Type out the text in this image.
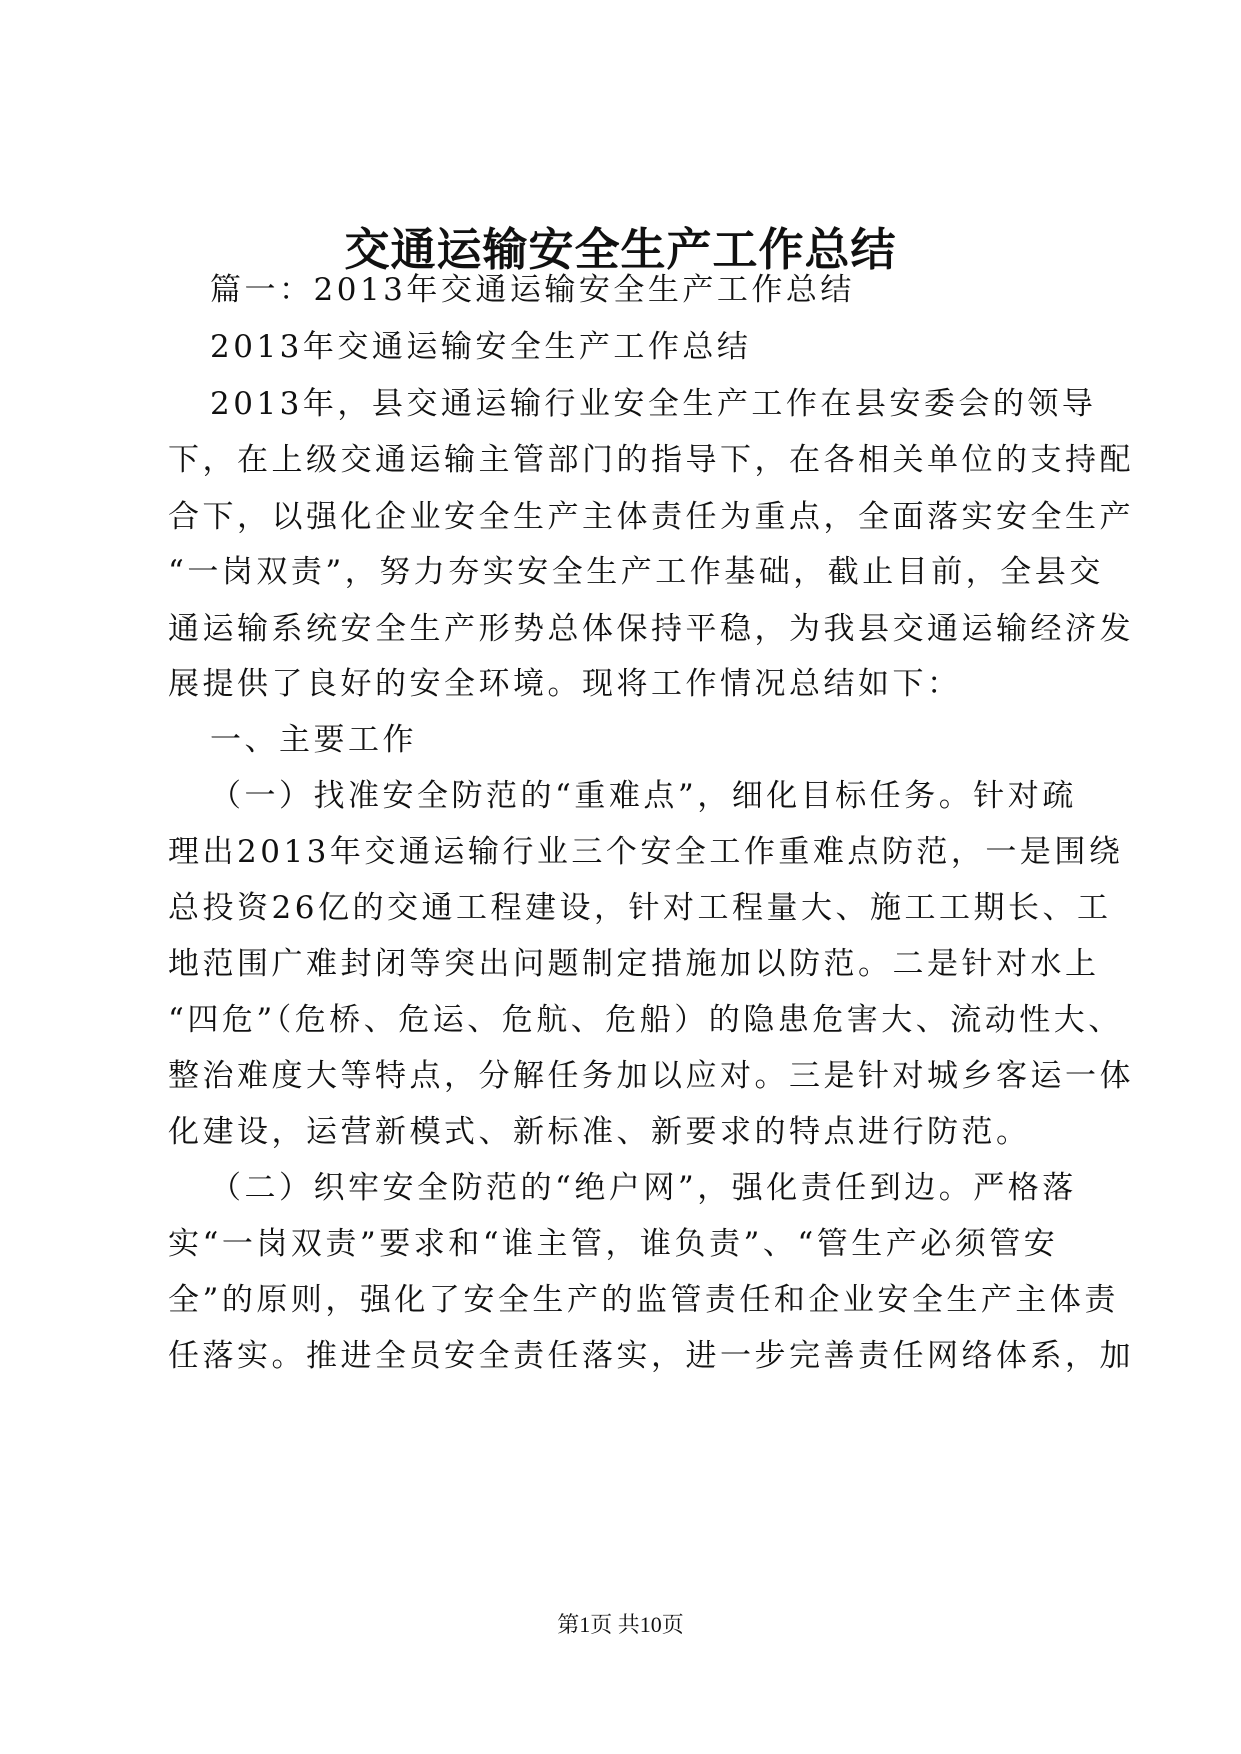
交通运输安全生产工作总结
篇一：2013年交通运输安全生产工作总结
2013年交通运输安全生产工作总结
2013年，县交通运输行业安全生产工作在县安委会的领导
下，在上级交通运输主管部门的指导下，在各相关单位的支持配
合下，以强化企业安全生产主体责任为重点，全面落实安全生产
“一岗双责”，努力夯实安全生产工作基础，截止目前，全县交
通运输系统安全生产形势总体保持平稳，为我县交通运输经济发
展提供了良好的安全环境。现将工作情况总结如下：
一、主要工作
（一）找准安全防范的“重难点”，细化目标任务。针对疏
理出2013年交通运输行业三个安全工作重难点防范，一是围绕
总投资26亿的交通工程建设，针对工程量大、施工工期长、工
地范围广难封闭等突出问题制定措施加以防范。二是针对水上
“四危”（危桥、危运、危航、危船）的隐患危害大、流动性大、
整治难度大等特点，分解任务加以应对。三是针对城乡客运一体
化建设，运营新模式、新标准、新要求的特点进行防范。
（二）织牢安全防范的“绝户网”，强化责任到边。严格落
实“一岗双责”要求和“谁主管，谁负责”、“管生产必须管安
全”的原则，强化了安全生产的监管责任和企业安全生产主体责
任落实。推进全员安全责任落实，进一步完善责任网络体系，加
第1页 共10页
